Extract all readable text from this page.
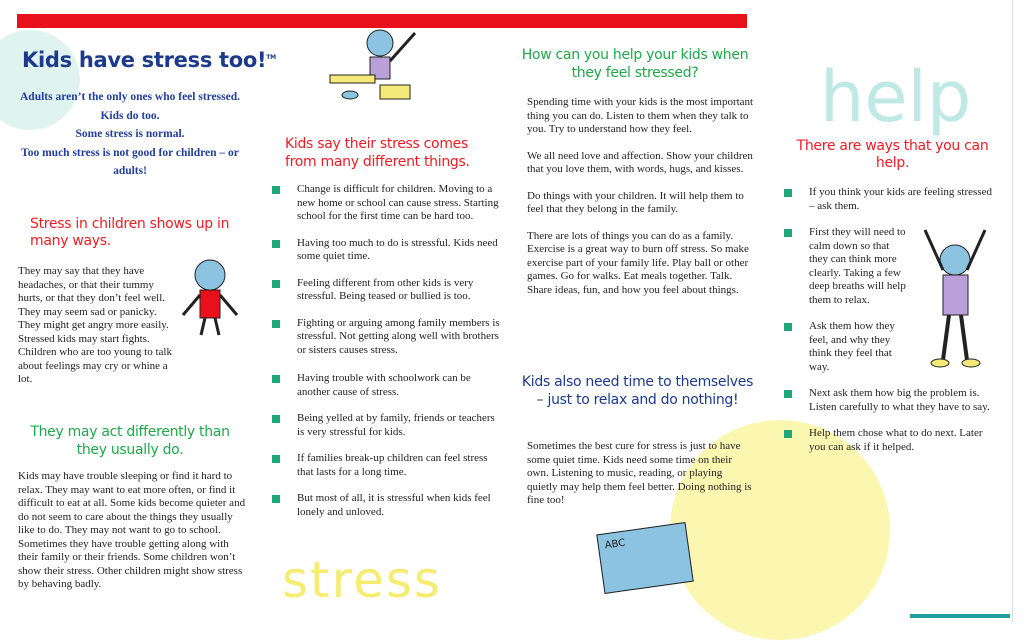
Kids have stress too!™
Adults aren’t the only ones who feel stressed. Kids do too.
Some stress is normal.
Too much stress is not good for children – or adults!
Stress in children shows up in many ways.
They may say that they have headaches, or that their tummy hurts, or that they don’t feel well. They may seem sad or panicky. They might get angry more easily. Stressed kids may start fights. Children who are too young to talk about feelings may cry or whine a lot.
They may act differently than they usually do.
Kids may have trouble sleeping or find it hard to relax. They may want to eat more often, or find it difficult to eat at all. Some kids become quieter and do not seem to care about the things they usually like to do. They may not want to go to school. Sometimes they have trouble getting along with their family or their friends. Some children won’t show their stress. Other children might show stress by behaving badly.
Kids say their stress comes from many different things.
Change is difficult for children. Moving to a new home or school can cause stress. Starting school for the first time can be hard too.
Having too much to do is stressful. Kids need some quiet time.
Feeling different from other kids is very stressful. Being teased or bullied is too.
Fighting or arguing among family members is stressful. Not getting along well with brothers or sisters causes stress.
Having trouble with schoolwork can be another cause of stress.
Being yelled at by family, friends or teachers is very stressful for kids.
If families break-up children can feel stress that lasts for a long time.
But most of all, it is stressful when kids feel lonely and unloved.
stress
How can you help your kids when they feel stressed?

Spending time with your kids is the most important thing you can do. Listen to them when they talk to you. Try to understand how they feel.

We all need love and affection. Show your children that you love them, with words, hugs, and kisses.

Do things with your children. It will help them to feel that they belong in the family.

There are lots of things you can do as a family. Exercise is a great way to burn off stress. So make exercise part of your family life. Play ball or other games. Go for walks. Eat meals together. Talk. Share ideas, fun, and how you feel about things.

Kids also need time to themselves – just to relax and do nothing!
Sometimes the best cure for stress is just to have some quiet time. Kids need some time on their own. Listening to music, reading, or playing quietly may help them feel better. Doing nothing is fine too!
ABC
help
There are ways that you can help.
If you think your kids are feeling stressed – ask them.
First they will need to calm down so that they can think more clearly. Taking a few deep breaths will help them to relax.
Ask them how they feel, and why they think they feel that way.
Next ask them how big the problem is. Listen carefully to what they have to say.
Help them chose what to do next. Later you can ask if it helped.
